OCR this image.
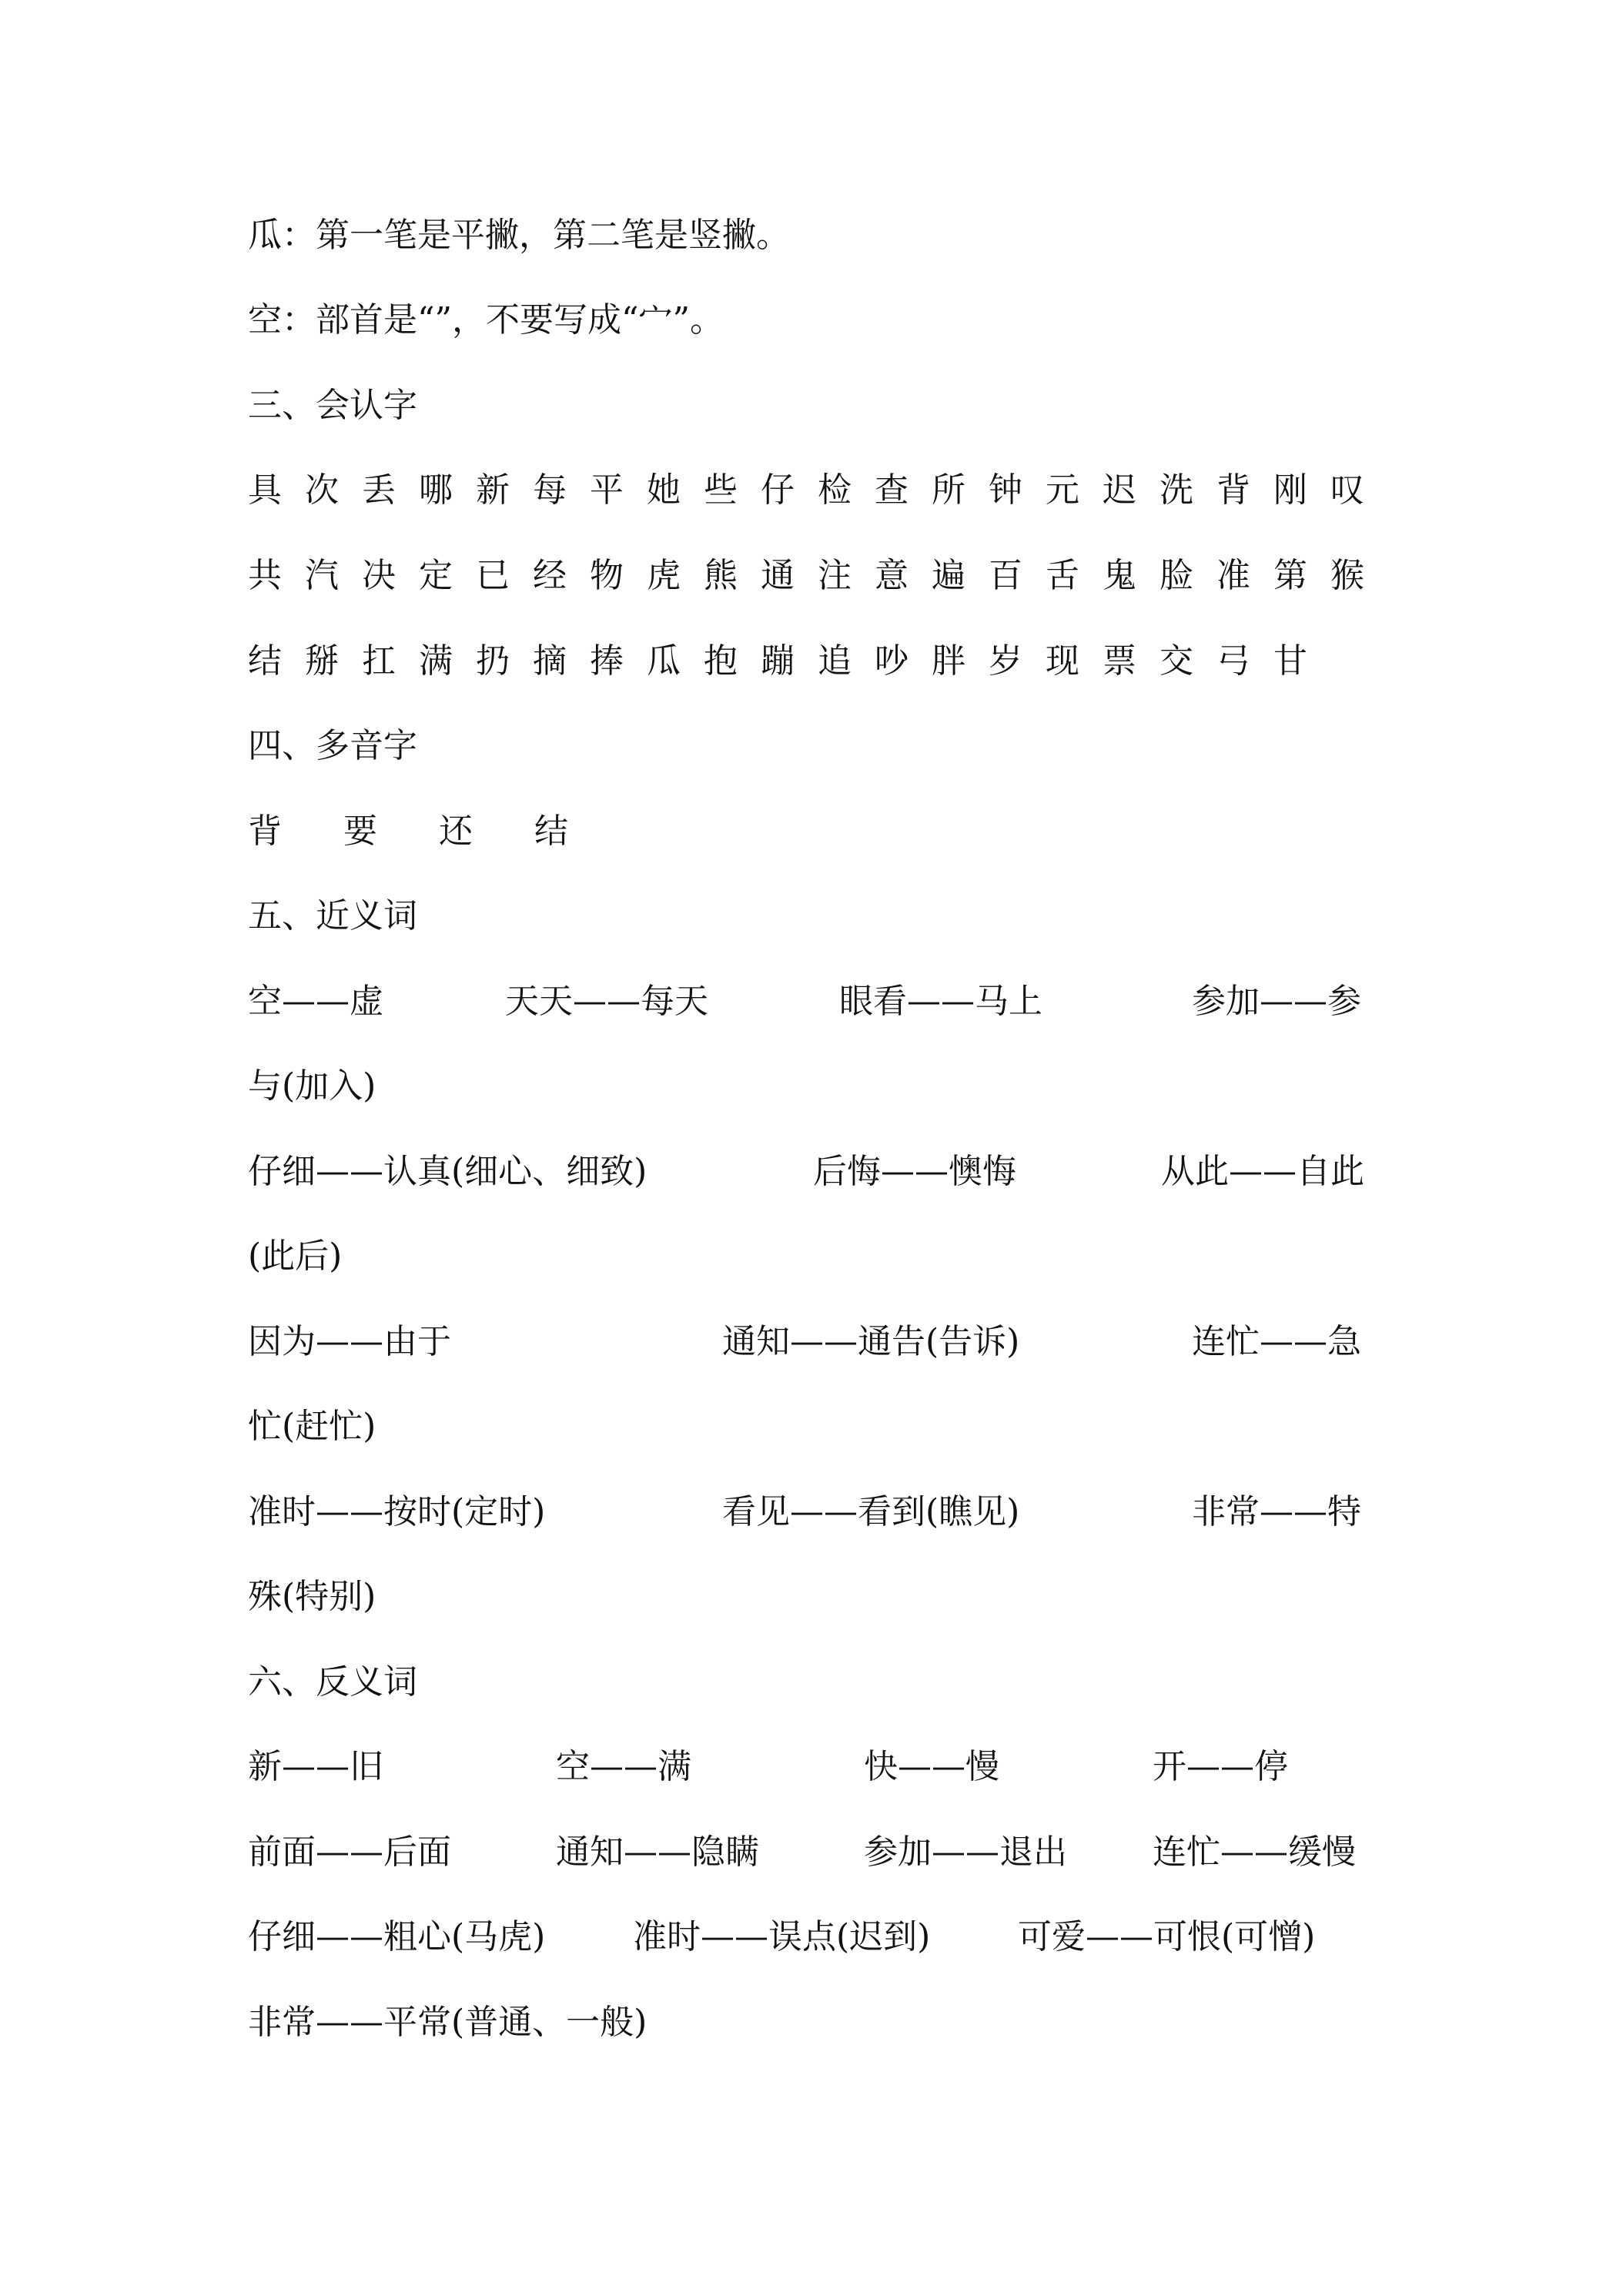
瓜：第一笔是平撇，第二笔是竖撇。
空：部首是“”，不要写成“宀”。
三、会认字
具 次 丢 哪 新 每 平 她 些 仔 检 查 所 钟 元 迟 洗 背 刚 叹
共 汽 决 定 已 经 物 虎 熊 通 注 意 遍 百 舌 鬼 脸 准 第 猴
结 掰 扛 满 扔 摘 捧 瓜 抱 蹦 追 吵 胖 岁 现 票 交 弓 甘
四、多音字
背 要 还 结
五、近义词
空——虚	天天——每天	眼看——马上	参加——参
与(加入)
仔细——认真(细心、细致)	后悔——懊悔	从此——自此
(此后)
因为——由于	通知——通告(告诉)	连忙——急
忙(赶忙)
准时——按时(定时)	看见——看到(瞧见)	非常——特
殊(特别)
六、反义词
新——旧	空——满	快——慢	开——停
前面——后面	通知——隐瞒	参加——退出	连忙——缓慢
仔细——粗心(马虎)	准时——误点(迟到)	可爱——可恨(可憎)
非常——平常(普通、一般)
